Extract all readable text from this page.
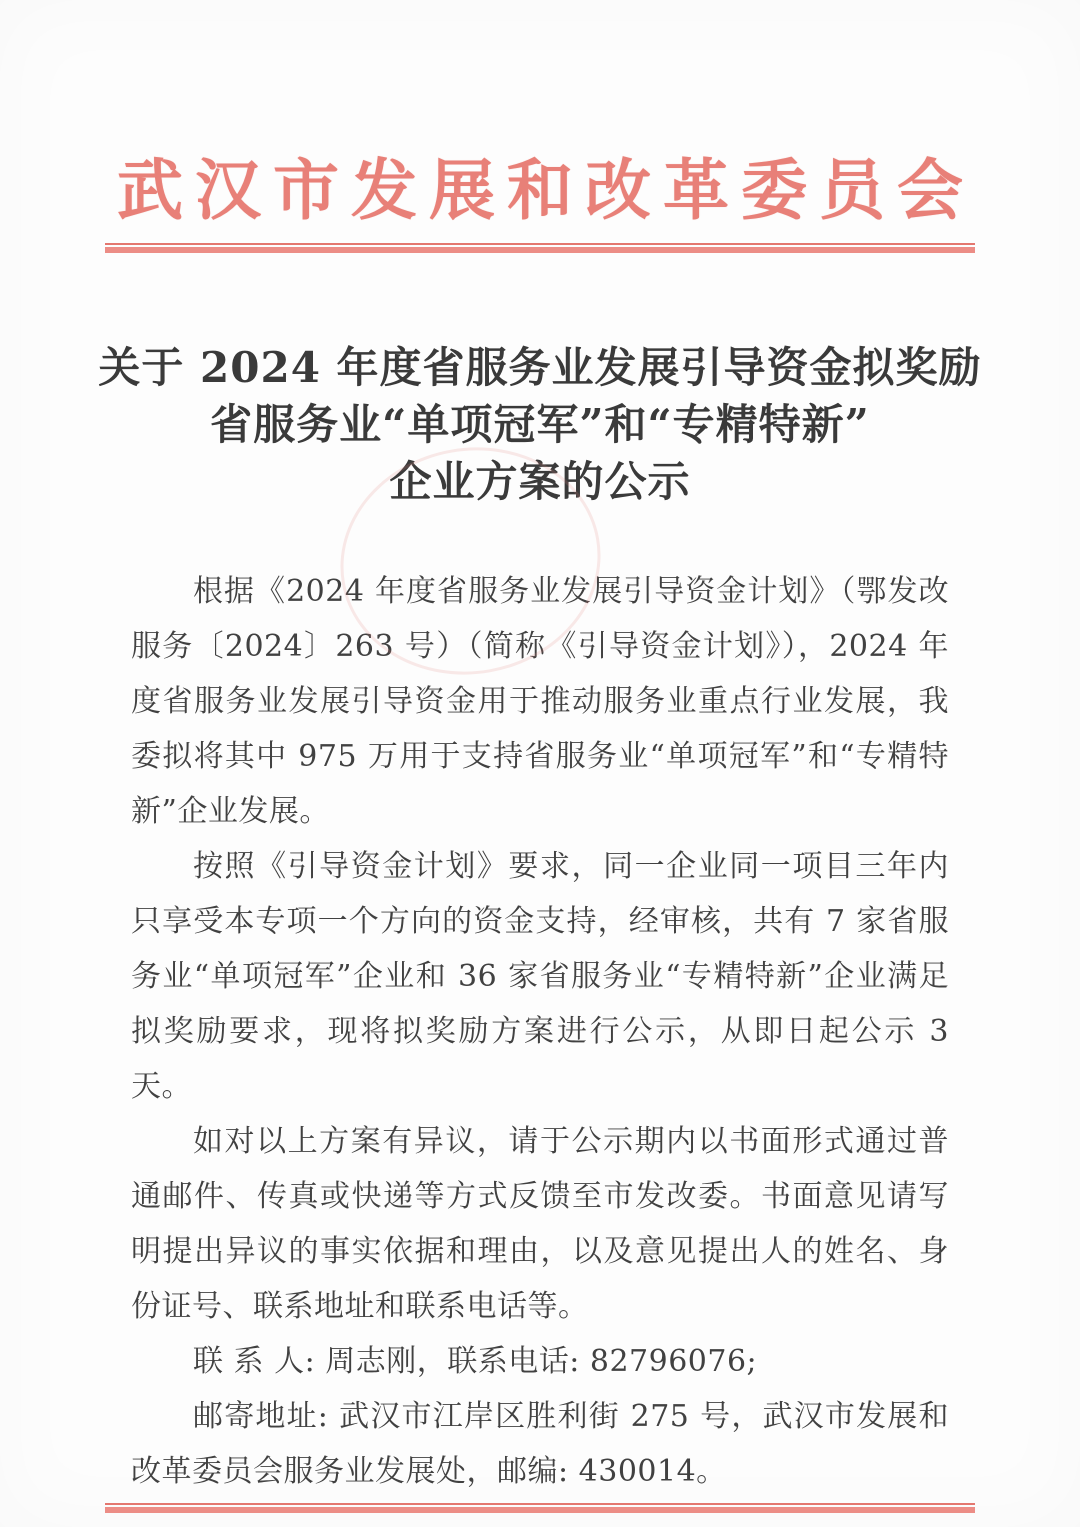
武汉市发展和改革委员会
关于 2024 年度省服务业发展引导资金拟奖励
省服务业“单项冠军”和“专精特新”
企业方案的公示

根据《2024 年度省服务业发展引导资金计划》（鄂发改服务〔2024〕263 号）（简称《引导资金计划》），2024 年度省服务业发展引导资金用于推动服务业重点行业发展，我委拟将其中 975 万用于支持省服务业“单项冠军”和“专精特新”企业发展。

按照《引导资金计划》要求，同一企业同一项目三年内只享受本专项一个方向的资金支持，经审核，共有 7 家省服务业“单项冠军”企业和 36 家省服务业“专精特新”企业满足拟奖励要求，现将拟奖励方案进行公示，从即日起公示 3 天。

如对以上方案有异议，请于公示期内以书面形式通过普通邮件、传真或快递等方式反馈至市发改委。书面意见请写明提出异议的事实依据和理由，以及意见提出人的姓名、身份证号、联系地址和联系电话等。

联 系 人: 周志刚，联系电话: 82796076;

邮寄地址: 武汉市江岸区胜利街 275 号，武汉市发展和改革委员会服务业发展处，邮编: 430014。
